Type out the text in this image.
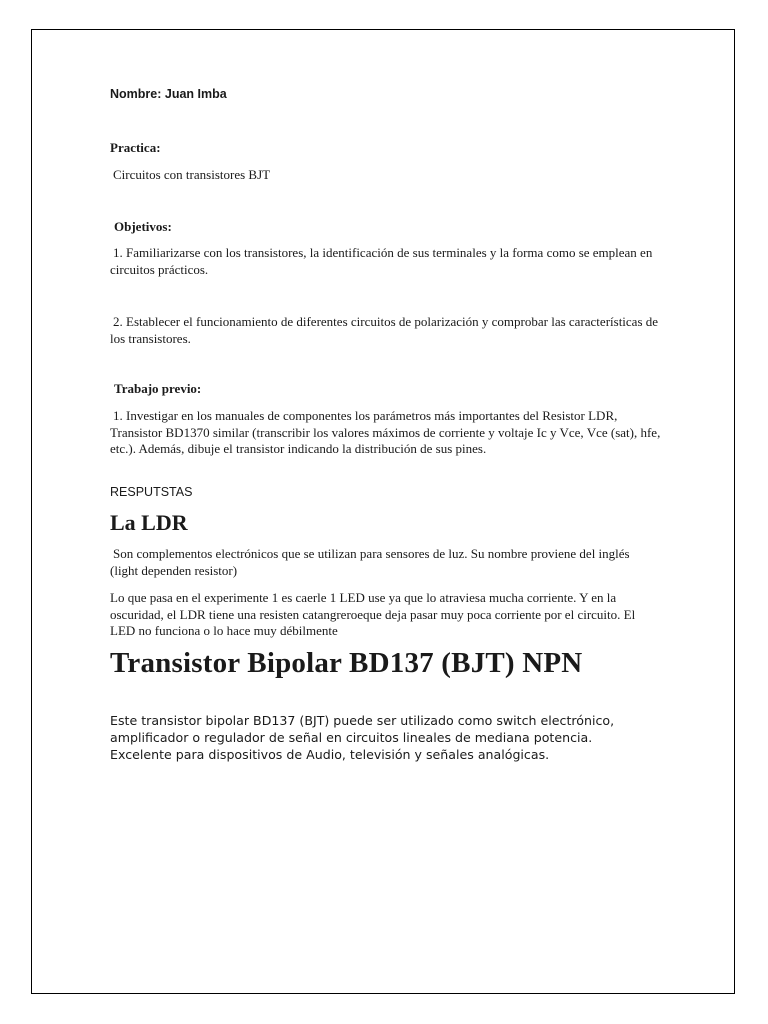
Nombre: Juan Imba

Practica:

Circuitos con transistores BJT

Objetivos:

1. Familiarizarse con los transistores, la identificación de sus terminales y la forma como se emplean en circuitos prácticos.

2. Establecer el funcionamiento de diferentes circuitos de polarización y comprobar las características de los transistores.

Trabajo previo:

1. Investigar en los manuales de componentes los parámetros más importantes del Resistor LDR, Transistor BD1370 similar (transcribir los valores máximos de corriente y voltaje Ic y Vce, Vce (sat), hfe, etc.). Además, dibuje el transistor indicando la distribución de sus pines.

RESPUTSTAS

La LDR

Son complementos electrónicos que se utilizan para sensores de luz. Su nombre proviene del inglés (light dependen resistor)

Lo que pasa en el experimente 1 es caerle 1 LED use ya que lo atraviesa mucha corriente. Y en la oscuridad, el LDR tiene una resisten catangreroeque deja pasar muy poca corriente por el circuito. El LED no funciona o lo hace muy débilmente

Transistor Bipolar BD137 (BJT) NPN

Este transistor bipolar BD137 (BJT) puede ser utilizado como switch electrónico, amplificador o regulador de señal en circuitos lineales de mediana potencia. Excelente para dispositivos de Audio, televisión y señales analógicas.
